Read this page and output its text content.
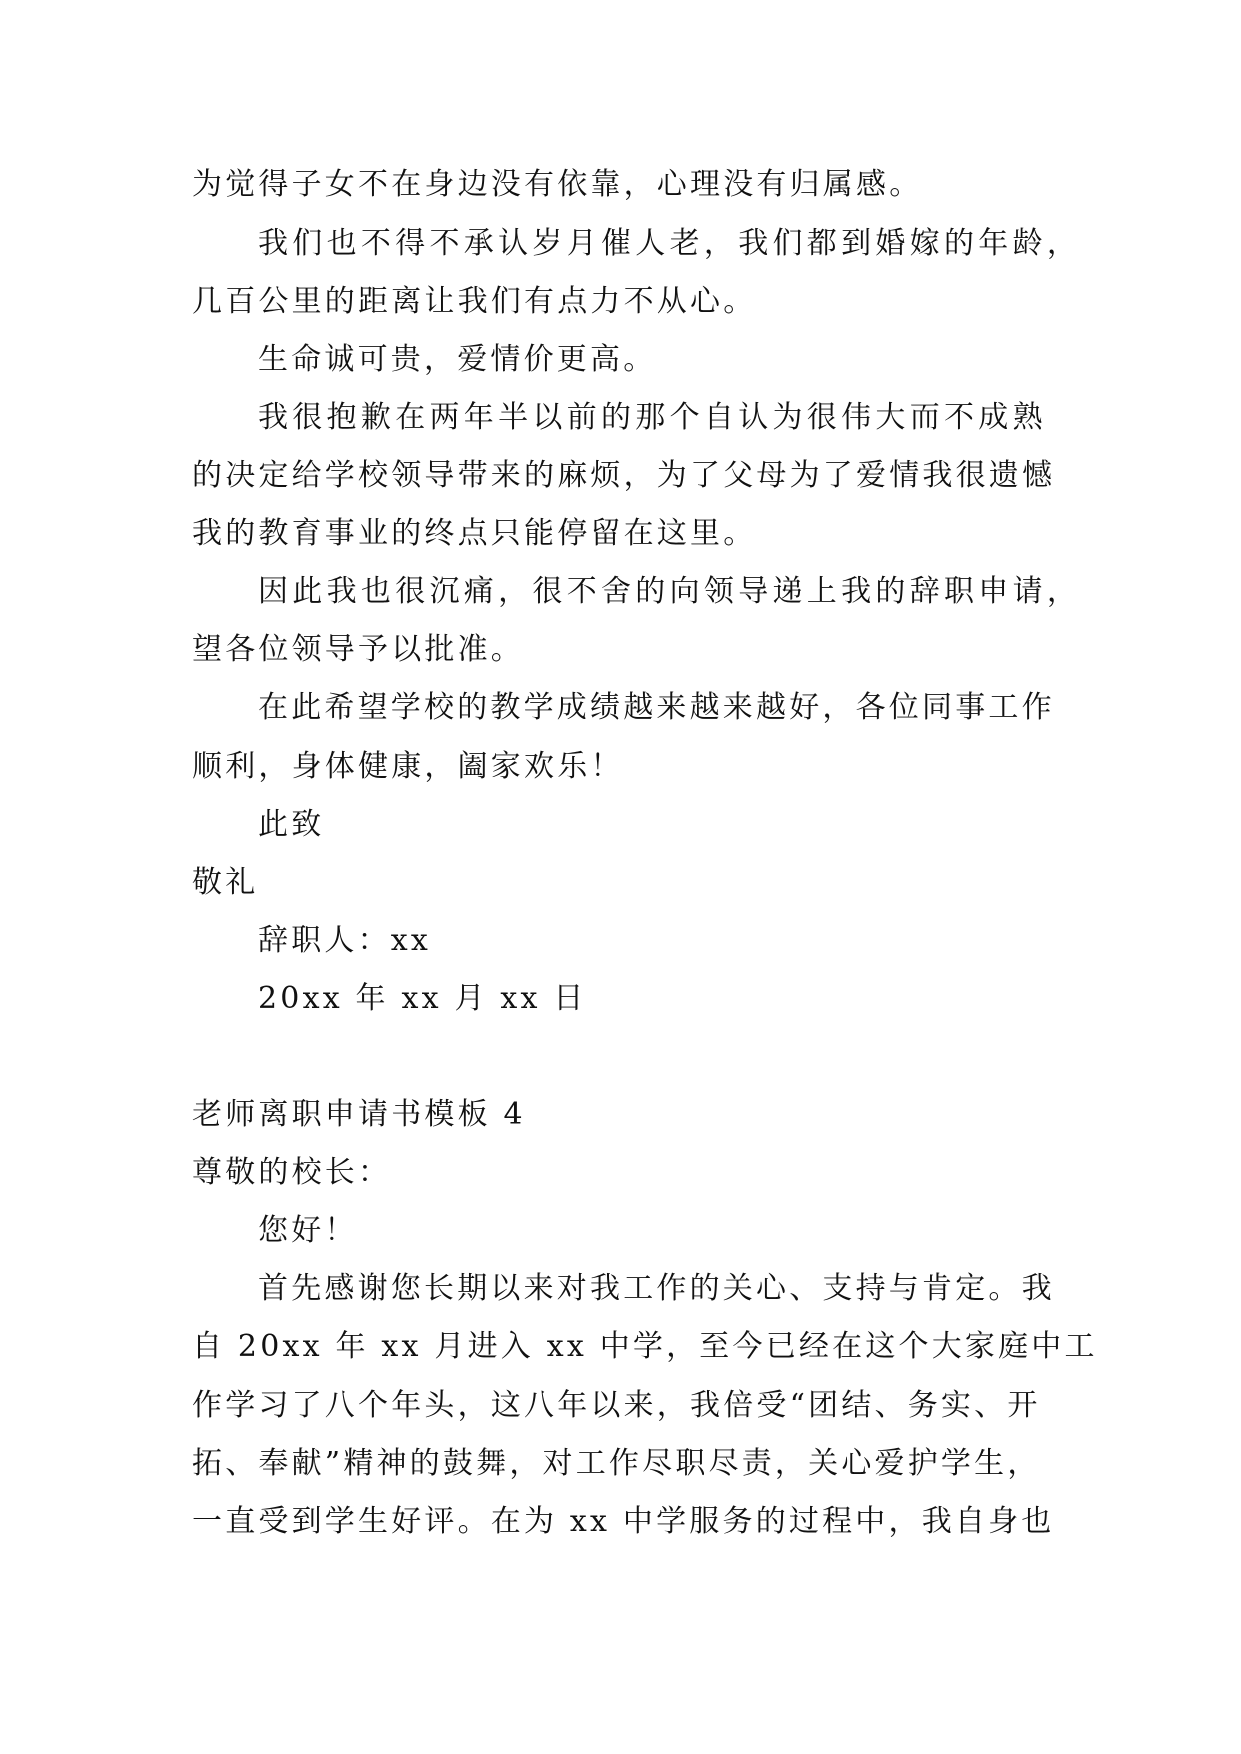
为觉得子女不在身边没有依靠，心理没有归属感。
我们也不得不承认岁月催人老，我们都到婚嫁的年龄，
几百公里的距离让我们有点力不从心。
生命诚可贵，爱情价更高。
我很抱歉在两年半以前的那个自认为很伟大而不成熟
的决定给学校领导带来的麻烦，为了父母为了爱情我很遗憾
我的教育事业的终点只能停留在这里。
因此我也很沉痛，很不舍的向领导递上我的辞职申请，
望各位领导予以批准。
在此希望学校的教学成绩越来越来越好，各位同事工作
顺利，身体健康，阖家欢乐！
此致
敬礼
辞职人：xx
20xx 年 xx 月 xx 日
老师离职申请书模板 4
尊敬的校长：
您好！
首先感谢您长期以来对我工作的关心、支持与肯定。我
自 20xx 年 xx 月进入 xx 中学，至今已经在这个大家庭中工
作学习了八个年头，这八年以来，我倍受“团结、务实、开
拓、奉献”精神的鼓舞，对工作尽职尽责，关心爱护学生，
一直受到学生好评。在为 xx 中学服务的过程中，我自身也
